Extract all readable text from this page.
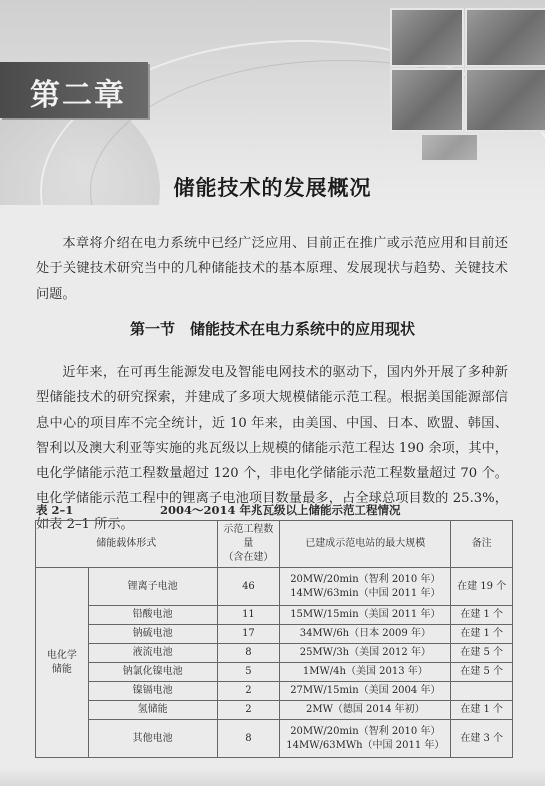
第二章
储能技术的发展概况

本章将介绍在电力系统中已经广泛应用、目前正在推广或示范应用和目前还处于关键技术研究当中的几种储能技术的基本原理、发展现状与趋势、关键技术问题。

第一节　储能技术在电力系统中的应用现状

近年来，在可再生能源发电及智能电网技术的驱动下，国内外开展了多种新型储能技术的研究探索，并建成了多项大规模储能示范工程。根据美国能源部信息中心的项目库不完全统计，近 10 年来，由美国、中国、日本、欧盟、韩国、智利以及澳大利亚等实施的兆瓦级以上规模的储能示范工程达 190 余项，其中，电化学储能示范工程数量超过 120 个，非电化学储能示范工程数量超过 70 个。电化学储能示范工程中的锂离子电池项目数量最多，占全球总项目数的 25.3%，如表 2–1 所示。

表 2–1	2004～2014 年兆瓦级以上储能示范工程情况
储能载体形式		示范工程数量
（含在建）	已建成示范电站的最大规模	备注
电化学储能	锂离子电池	46	20MW/20min（智利 2010 年）
14MW/63min（中国 2011 年）	在建 19 个
	铅酸电池	11	15MW/15min（美国 2011 年）	在建 1 个
	钠硫电池	17	34MW/6h（日本 2009 年）	在建 1 个
	液流电池	8	25MW/3h（美国 2012 年）	在建 5 个
	钠氯化镍电池	5	1MW/4h（美国 2013 年）	在建 5 个
	镍镉电池	2	27MW/15min（美国 2004 年）	
	氢储能	2	2MW（德国 2014 年初）	在建 1 个
	其他电池	8	20MW/20min（智利 2010 年）
14MW/63MWh（中国 2011 年）	在建 3 个
